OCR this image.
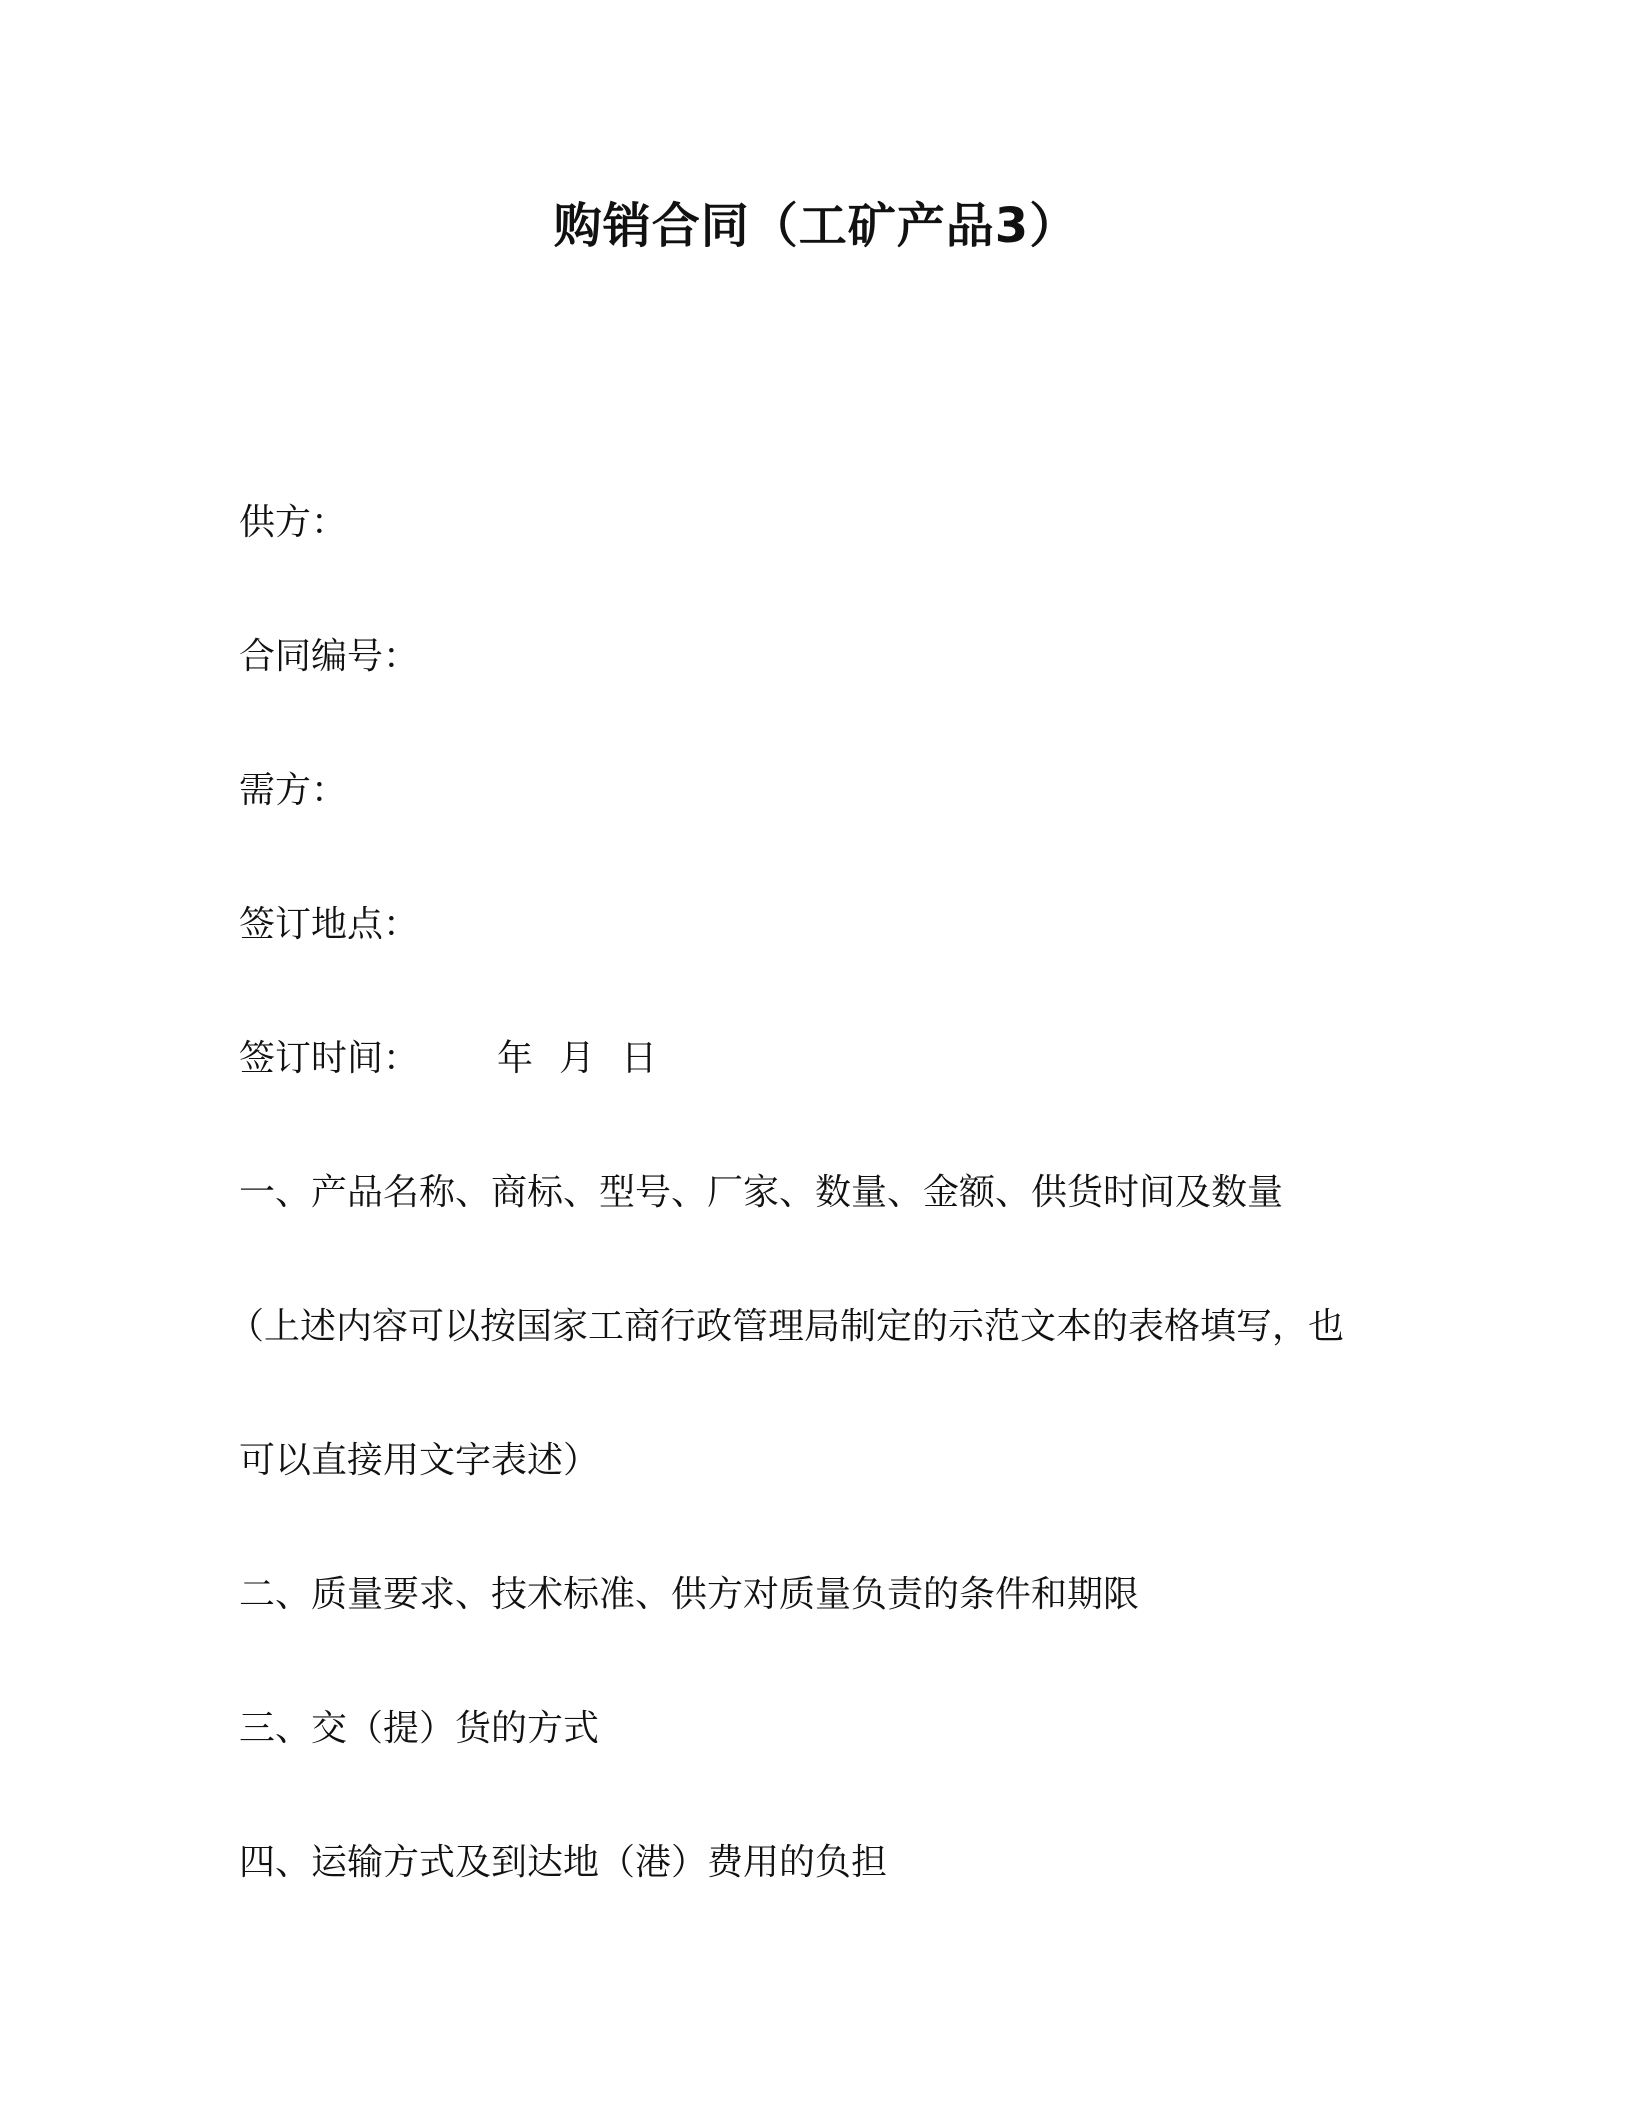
购销合同（工矿产品3）
供方：
合同编号：
需方：
签订地点：
签订时间： 年 月 日
一、产品名称、商标、型号、厂家、数量、金额、供货时间及数量
（上述内容可以按国家工商行政管理局制定的示范文本的表格填写，也
可以直接用文字表述）
二、质量要求、技术标准、供方对质量负责的条件和期限
三、交（提）货的方式
四、运输方式及到达地（港）费用的负担
